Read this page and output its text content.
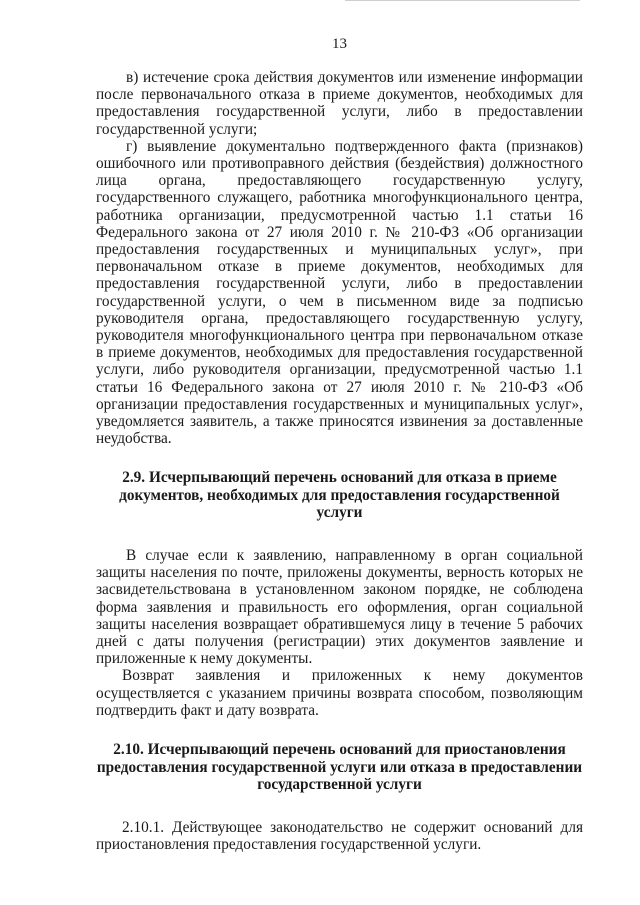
13

в) истечение срока действия документов или изменение информации после первоначального отказа в приеме документов, необходимых для предоставления государственной услуги, либо в предоставлении государственной услуги;

г) выявление документально подтвержденного факта (признаков) ошибочного или противоправного действия (бездействия) должностного лица органа, предоставляющего государственную услугу, государственного служащего, работника многофункционального центра, работника организации, предусмотренной частью 1.1 статьи 16 Федерального закона от 27 июля 2010 г. № 210-ФЗ «Об организации предоставления государственных и муниципальных услуг», при первоначальном отказе в приеме документов, необходимых для предоставления государственной услуги, либо в предоставлении государственной услуги, о чем в письменном виде за подписью руководителя органа, предоставляющего государственную услугу, руководителя многофункционального центра при первоначальном отказе в приеме документов, необходимых для предоставления государственной услуги, либо руководителя организации, предусмотренной частью 1.1 статьи 16 Федерального закона от 27 июля 2010 г. № 210-ФЗ «Об организации предоставления государственных и муниципальных услуг», уведомляется заявитель, а также приносятся извинения за доставленные неудобства.

2.9. Исчерпывающий перечень оснований для отказа в приеме документов, необходимых для предоставления государственной услуги

В случае если к заявлению, направленному в орган социальной защиты населения по почте, приложены документы, верность которых не засвидетельствована в установленном законом порядке, не соблюдена форма заявления и правильность его оформления, орган социальной защиты населения возвращает обратившемуся лицу в течение 5 рабочих дней с даты получения (регистрации) этих документов заявление и приложенные к нему документы.

Возврат заявления и приложенных к нему документов осуществляется с указанием причины возврата способом, позволяющим подтвердить факт и дату возврата.

2.10. Исчерпывающий перечень оснований для приостановления предоставления государственной услуги или отказа в предоставлении государственной услуги

2.10.1. Действующее законодательство не содержит оснований для приостановления предоставления государственной услуги.
